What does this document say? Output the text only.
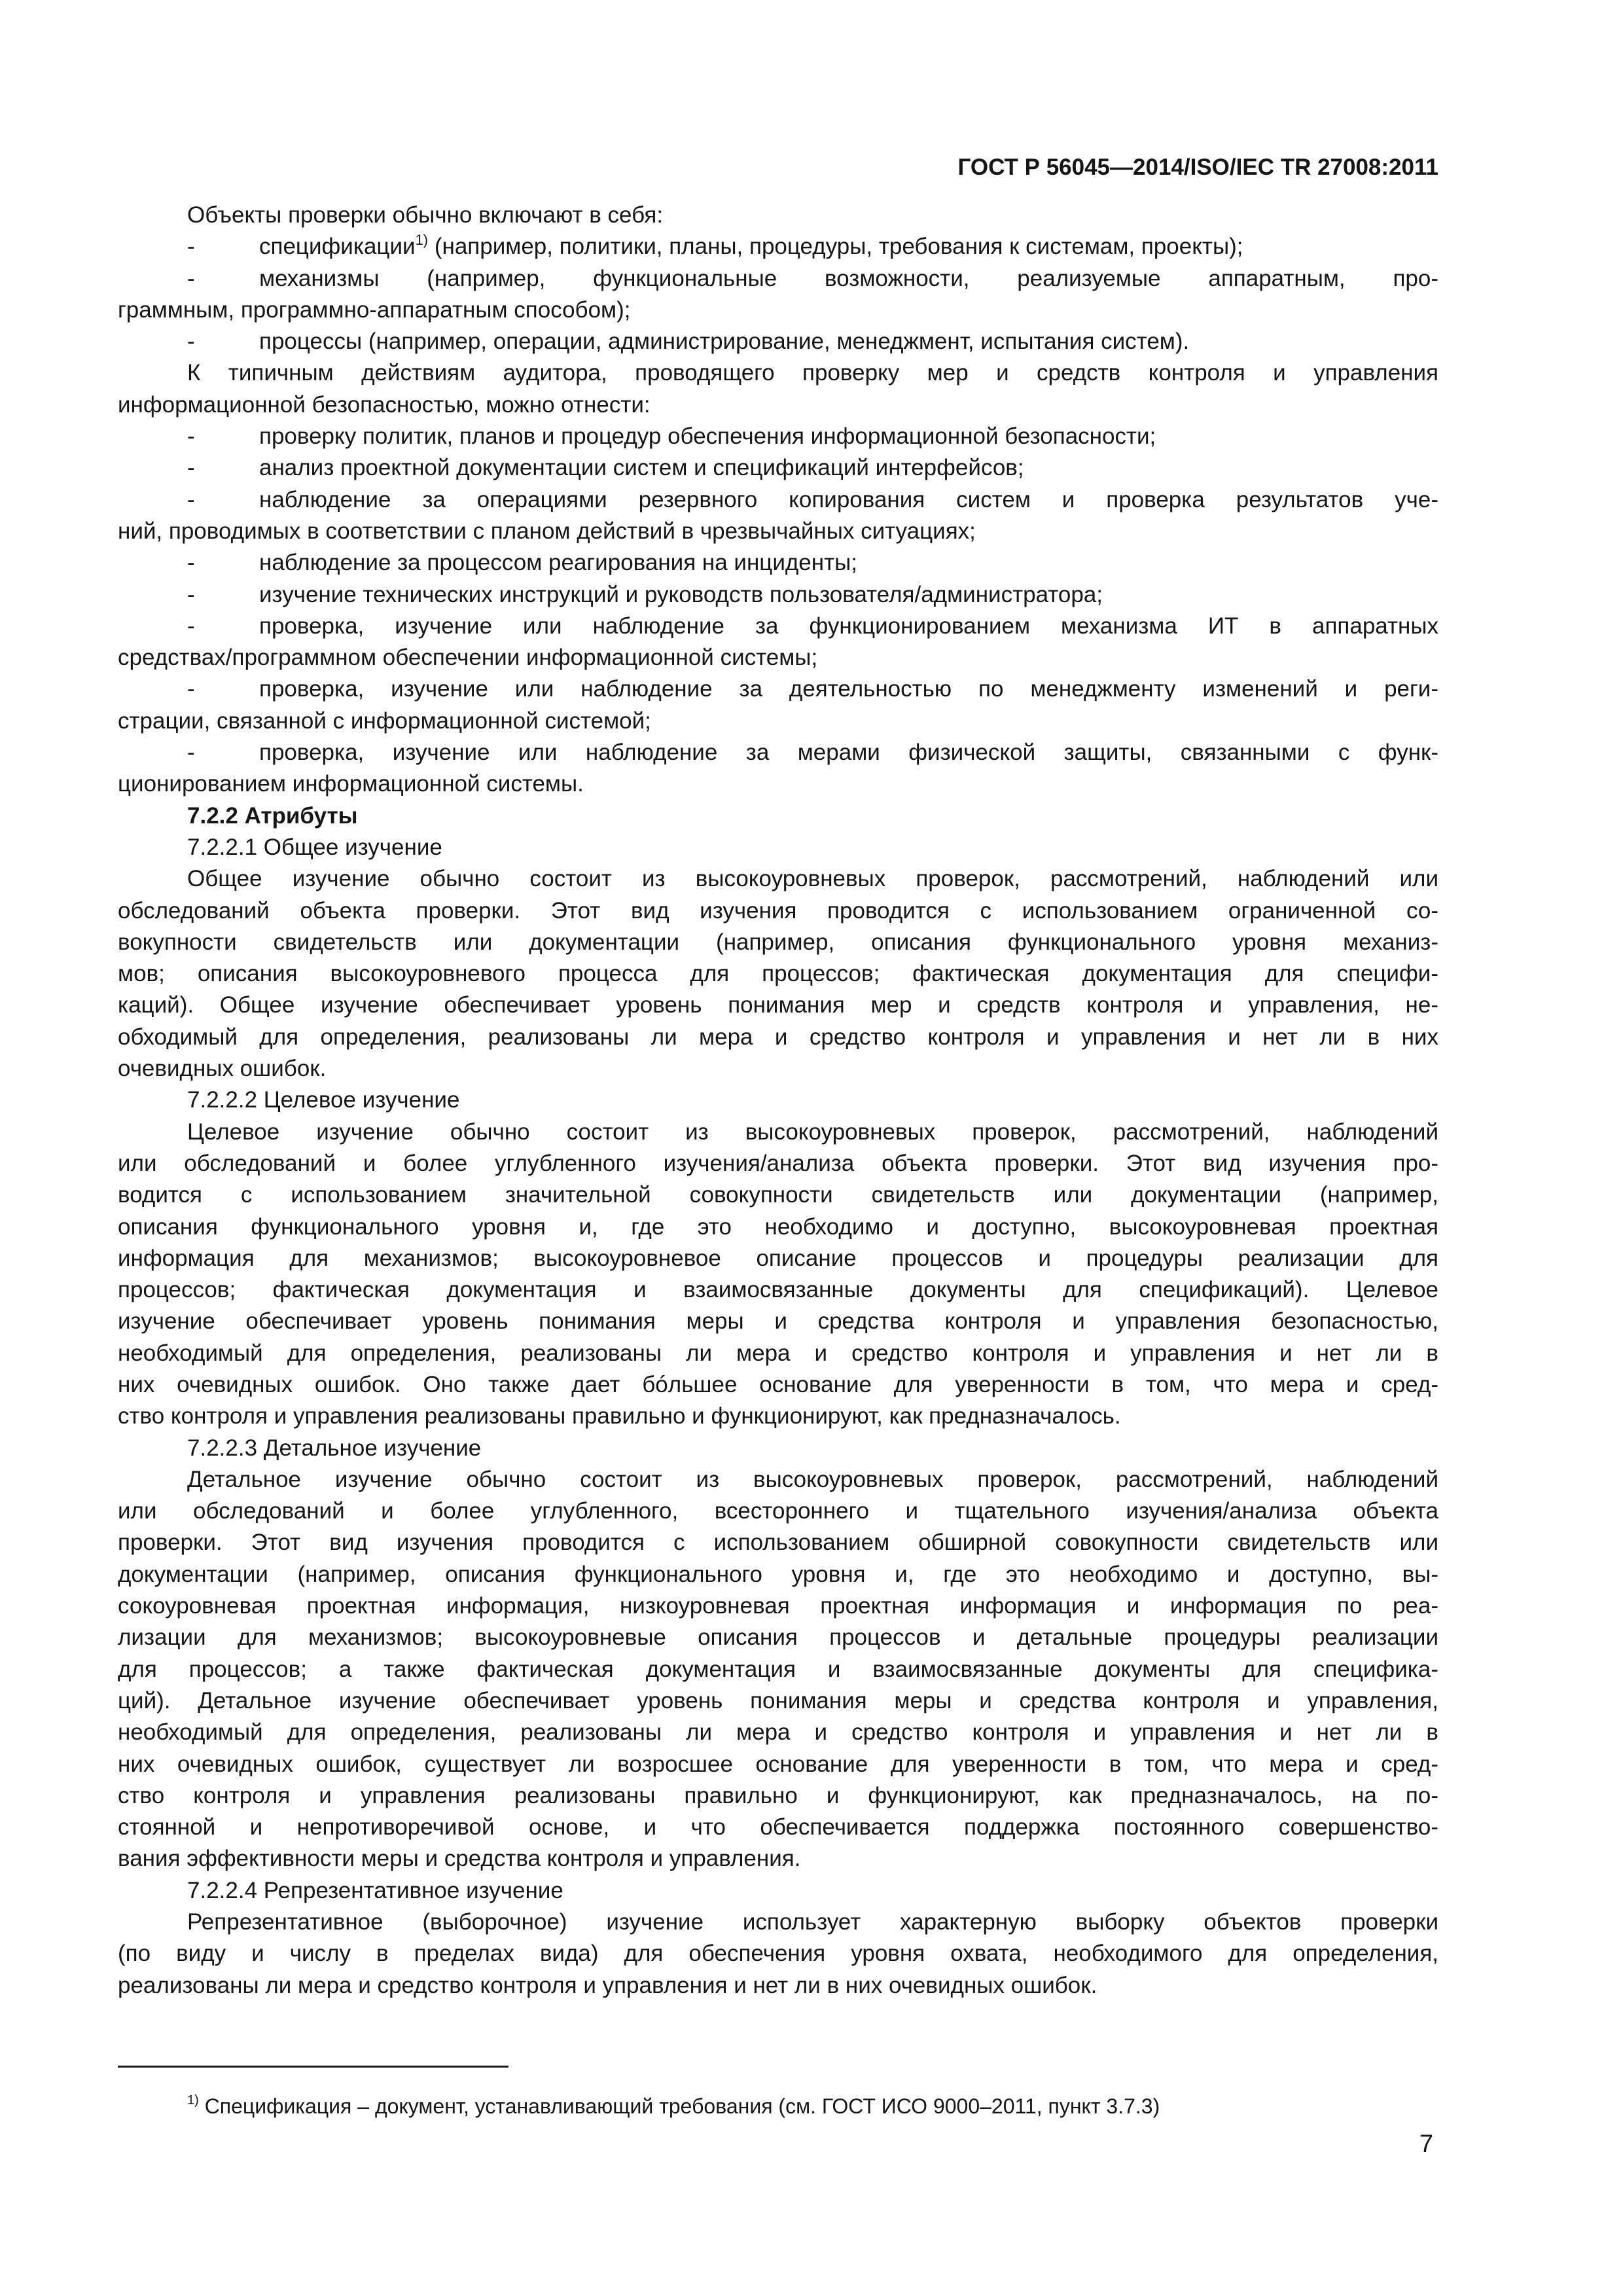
ГОСТ Р 56045—2014/ISO/IEC TR 27008:2011
Объекты проверки обычно включают в себя:
-	спецификации$^{1)}$ (например, политики, планы, процедуры, требования к системам, проекты);
-	механизмы (например, функциональные возможности, реализуемые аппаратным, про-
граммным, программно-аппаратным способом);
-	процессы (например, операции, администрирование, менеджмент, испытания систем).
К типичным действиям аудитора, проводящего проверку мер и средств контроля и управления
информационной безопасностью, можно отнести:
-	проверку политик, планов и процедур обеспечения информационной безопасности;
-	анализ проектной документации систем и спецификаций интерфейсов;
-	наблюдение за операциями резервного копирования систем и проверка результатов уче-
ний, проводимых в соответствии с планом действий в чрезвычайных ситуациях;
-	наблюдение за процессом реагирования на инциденты;
-	изучение технических инструкций и руководств пользователя/администратора;
-	проверка, изучение или наблюдение за функционированием механизма ИТ в аппаратных
средствах/программном обеспечении информационной системы;
-	проверка, изучение или наблюдение за деятельностью по менеджменту изменений и реги-
страции, связанной с информационной системой;
-	проверка, изучение или наблюдение за мерами физической защиты, связанными с функ-
ционированием информационной системы.
7.2.2 Атрибуты
7.2.2.1 Общее изучение
Общее изучение обычно состоит из высокоуровневых проверок, рассмотрений, наблюдений или
обследований объекта проверки. Этот вид изучения проводится с использованием ограниченной со-
вокупности свидетельств или документации (например, описания функционального уровня механиз-
мов; описания высокоуровневого процесса для процессов; фактическая документация для специфи-
каций). Общее изучение обеспечивает уровень понимания мер и средств контроля и управления, не-
обходимый для определения, реализованы ли мера и средство контроля и управления и нет ли в них
очевидных ошибок.
7.2.2.2 Целевое изучение
Целевое изучение обычно состоит из высокоуровневых проверок, рассмотрений, наблюдений
или обследований и более углубленного изучения/анализа объекта проверки. Этот вид изучения про-
водится с использованием значительной совокупности свидетельств или документации (например,
описания функционального уровня и, где это необходимо и доступно, высокоуровневая проектная
информация для механизмов; высокоуровневое описание процессов и процедуры реализации для
процессов; фактическая документация и взаимосвязанные документы для спецификаций). Целевое
изучение обеспечивает уровень понимания меры и средства контроля и управления безопасностью,
необходимый для определения, реализованы ли мера и средство контроля и управления и нет ли в
них очевидных ошибок. Оно также дает бóльшее основание для уверенности в том, что мера и сред-
ство контроля и управления реализованы правильно и функционируют, как предназначалось.
7.2.2.3 Детальное изучение
Детальное изучение обычно состоит из высокоуровневых проверок, рассмотрений, наблюдений
или обследований и более углубленного, всестороннего и тщательного изучения/анализа объекта
проверки. Этот вид изучения проводится с использованием обширной совокупности свидетельств или
документации (например, описания функционального уровня и, где это необходимо и доступно, вы-
сокоуровневая проектная информация, низкоуровневая проектная информация и информация по реа-
лизации для механизмов; высокоуровневые описания процессов и детальные процедуры реализации
для процессов; а также фактическая документация и взаимосвязанные документы для специфика-
ций). Детальное изучение обеспечивает уровень понимания меры и средства контроля и управления,
необходимый для определения, реализованы ли мера и средство контроля и управления и нет ли в
них очевидных ошибок, существует ли возросшее основание для уверенности в том, что мера и сред-
ство контроля и управления реализованы правильно и функционируют, как предназначалось, на по-
стоянной и непротиворечивой основе, и что обеспечивается поддержка постоянного совершенство-
вания эффективности меры и средства контроля и управления.
7.2.2.4 Репрезентативное изучение
Репрезентативное (выборочное) изучение использует характерную выборку объектов проверки
(по виду и числу в пределах вида) для обеспечения уровня охвата, необходимого для определения,
реализованы ли мера и средство контроля и управления и нет ли в них очевидных ошибок.
$^{1)}$ Спецификация – документ, устанавливающий требования (см. ГОСТ ИСО 9000–2011, пункт 3.7.3)
7
